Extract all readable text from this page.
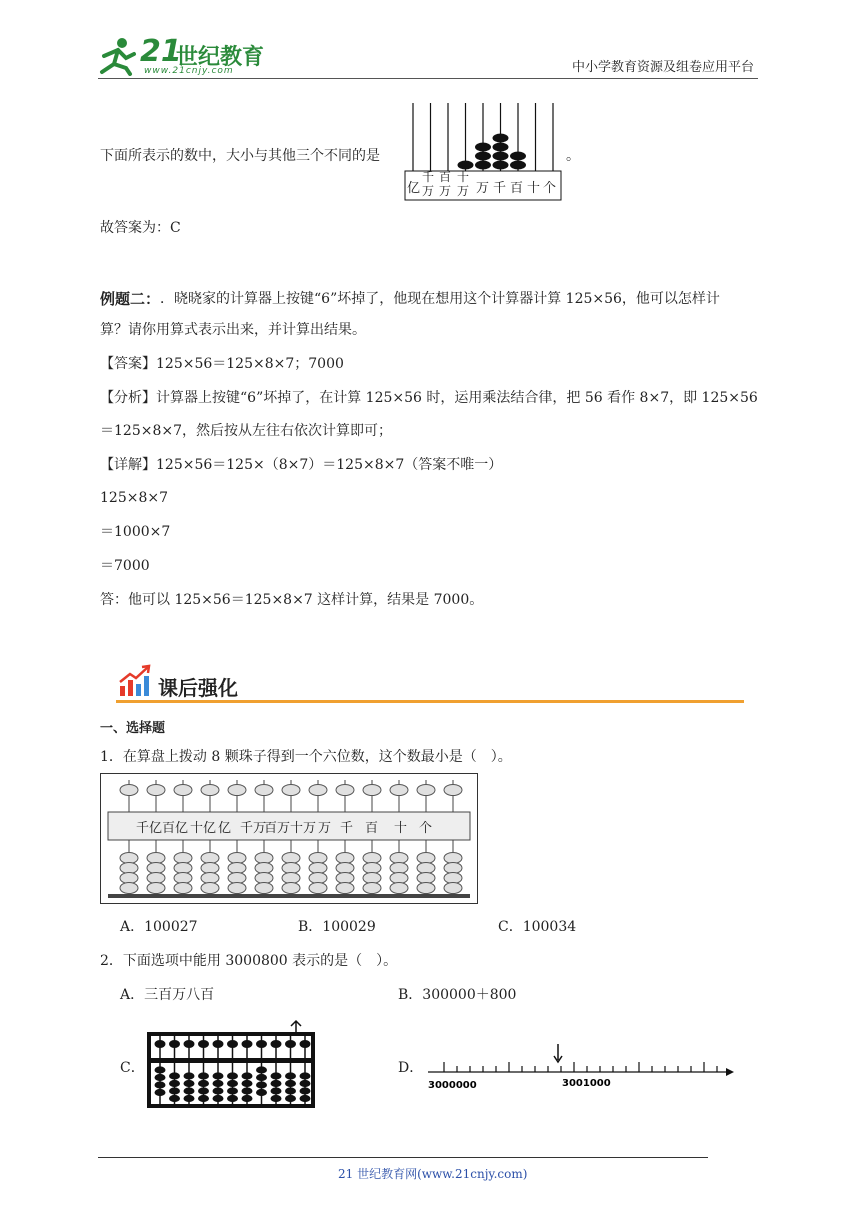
21
世纪教育
www.21cnjy.com	中小学教育资源及组卷应用平台
下面所表示的数中，大小与其他三个不同的是
亿
千万
百万
十万 万 千 百 十 个
。
故答案为：C
例题二： ．晓晓家的计算器上按键“6”坏掉了，他现在想用这个计算器计算 125×56，他可以怎样计
算？请你用算式表示出来，并计算出结果。
【答案】125×56＝125×8×7；7000
【分析】计算器上按键“6”坏掉了，在计算 125×56 时，运用乘法结合律，把 56 看作 8×7，即 125×56
＝125×8×7，然后按从左往右依次计算即可；
【详解】125×56＝125×（8×7）＝125×8×7（答案不唯一）
125×8×7
＝1000×7
＝7000
答：他可以 125×56＝125×8×7 这样计算，结果是 7000。
课后强化
一、选择题
1．在算盘上拨动 8 颗珠子得到一个六位数，这个数最小是（　）。
千亿 百亿 十亿 亿 千万
百万 十万 万 千 百 十 个
A．100027	B．100029	C．100034
2．下面选项中能用 3000800 表示的是（　）。
A．三百万八百	B．300000＋800
C．	D．
3000000	3001000
21 世纪教育网(www.21cnjy.com)
